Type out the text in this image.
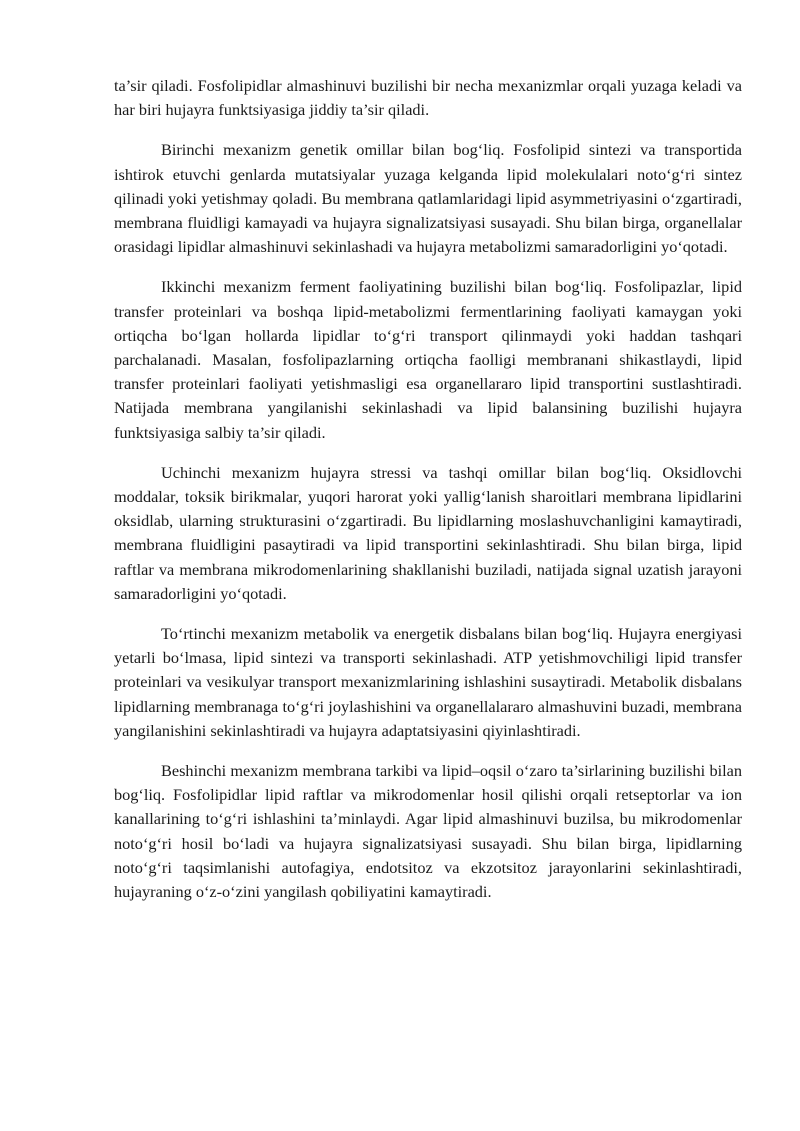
ta’sir qiladi. Fosfolipidlar almashinuvi buzilishi bir necha mexanizmlar orqali yuzaga keladi va har biri hujayra funktsiyasiga jiddiy ta’sir qiladi.

Birinchi mexanizm genetik omillar bilan bog‘liq. Fosfolipid sintezi va transportida ishtirok etuvchi genlarda mutatsiyalar yuzaga kelganda lipid molekulalari noto‘g‘ri sintez qilinadi yoki yetishmay qoladi. Bu membrana qatlamlaridagi lipid asymmetriyasini o‘zgartiradi, membrana fluidligi kamayadi va hujayra signalizatsiyasi susayadi. Shu bilan birga, organellalar orasidagi lipidlar almashinuvi sekinlashadi va hujayra metabolizmi samaradorligini yo‘qotadi.

Ikkinchi mexanizm ferment faoliyatining buzilishi bilan bog‘liq. Fosfolipazlar, lipid transfer proteinlari va boshqa lipid-metabolizmi fermentlarining faoliyati kamaygan yoki ortiqcha bo‘lgan hollarda lipidlar to‘g‘ri transport qilinmaydi yoki haddan tashqari parchalanadi. Masalan, fosfolipazlarning ortiqcha faolligi membranani shikastlaydi, lipid transfer proteinlari faoliyati yetishmasligi esa organellararo lipid transportini sustlashtiradi. Natijada membrana yangilanishi sekinlashadi va lipid balansining buzilishi hujayra funktsiyasiga salbiy ta’sir qiladi.

Uchinchi mexanizm hujayra stressi va tashqi omillar bilan bog‘liq. Oksidlovchi moddalar, toksik birikmalar, yuqori harorat yoki yallig‘lanish sharoitlari membrana lipidlarini oksidlab, ularning strukturasini o‘zgartiradi. Bu lipidlarning moslashuvchanligini kamaytiradi, membrana fluidligini pasaytiradi va lipid transportini sekinlashtiradi. Shu bilan birga, lipid raftlar va membrana mikrodomenlarining shakllanishi buziladi, natijada signal uzatish jarayoni samaradorligini yo‘qotadi.

To‘rtinchi mexanizm metabolik va energetik disbalans bilan bog‘liq. Hujayra energiyasi yetarli bo‘lmasa, lipid sintezi va transporti sekinlashadi. ATP yetishmovchiligi lipid transfer proteinlari va vesikulyar transport mexanizmlarining ishlashini susaytiradi. Metabolik disbalans lipidlarning membranaga to‘g‘ri joylashishini va organellalararo almashuvini buzadi, membrana yangilanishini sekinlashtiradi va hujayra adaptatsiyasini qiyinlashtiradi.

Beshinchi mexanizm membrana tarkibi va lipid–oqsil o‘zaro ta’sirlarining buzilishi bilan bog‘liq. Fosfolipidlar lipid raftlar va mikrodomenlar hosil qilishi orqali retseptorlar va ion kanallarining to‘g‘ri ishlashini ta’minlaydi. Agar lipid almashinuvi buzilsa, bu mikrodomenlar noto‘g‘ri hosil bo‘ladi va hujayra signalizatsiyasi susayadi. Shu bilan birga, lipidlarning noto‘g‘ri taqsimlanishi autofagiya, endotsitoz va ekzotsitoz jarayonlarini sekinlashtiradi, hujayraning o‘z-o‘zini yangilash qobiliyatini kamaytiradi.
